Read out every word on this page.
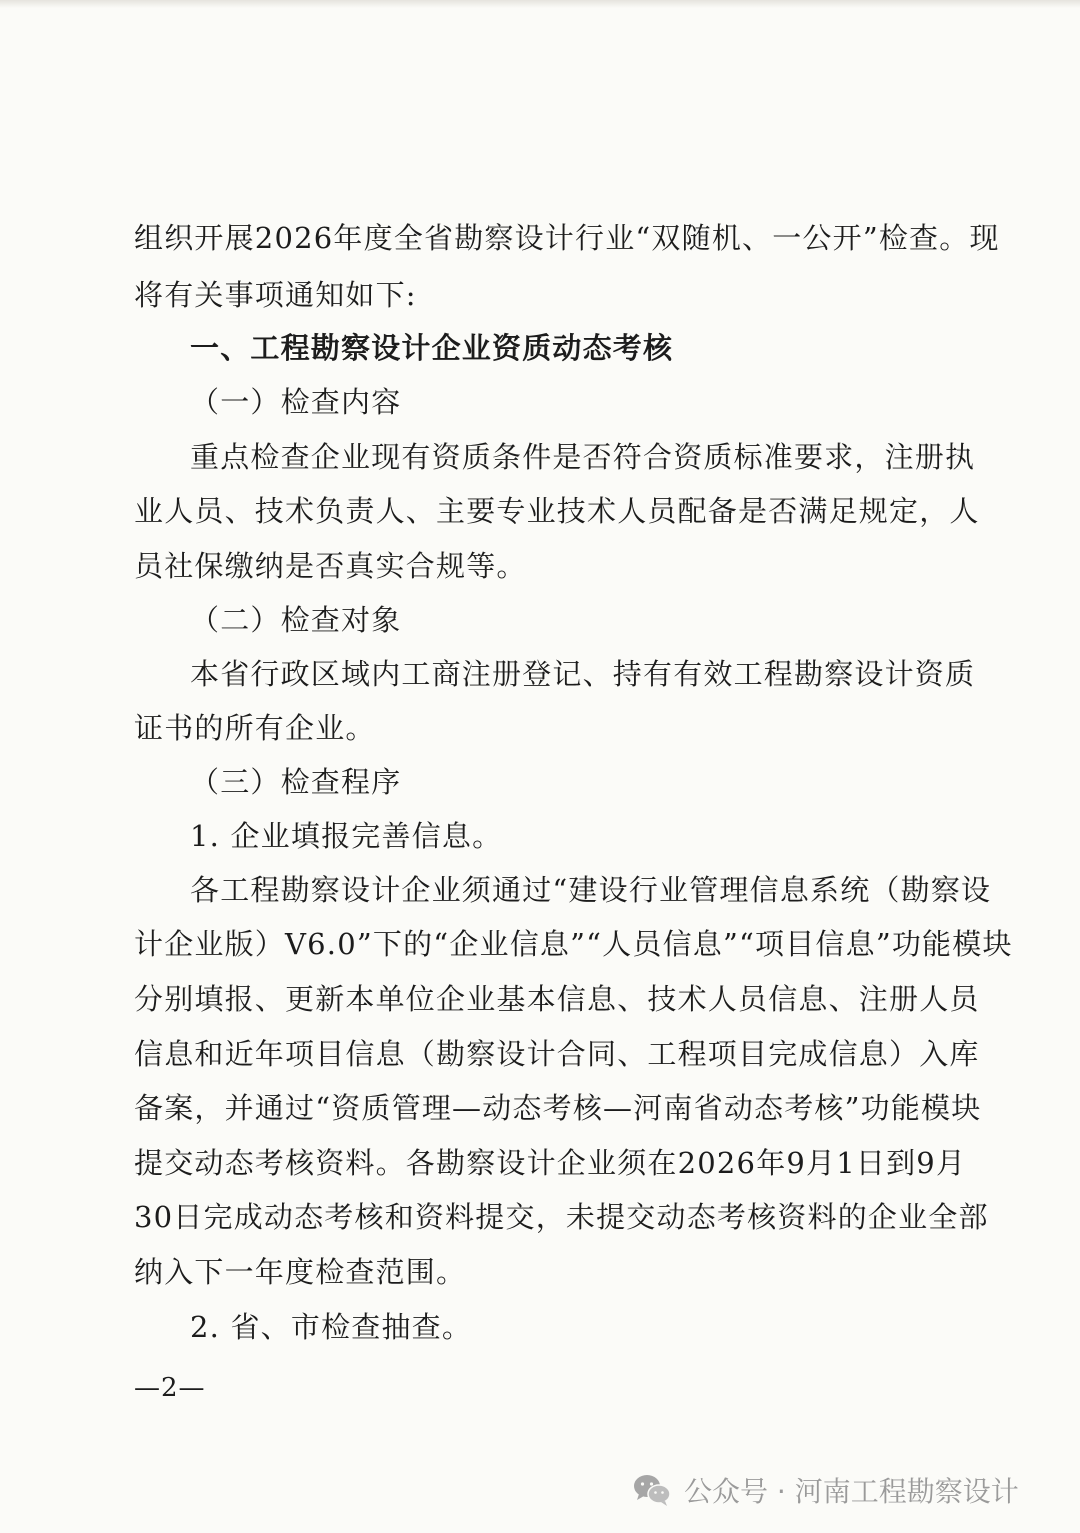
组织开展2026年度全省勘察设计行业“双随机、一公开”检查。现
将有关事项通知如下:
一、工程勘察设计企业资质动态考核
（一）检查内容
重点检查企业现有资质条件是否符合资质标准要求，注册执
业人员、技术负责人、主要专业技术人员配备是否满足规定，人
员社保缴纳是否真实合规等。
（二）检查对象
本省行政区域内工商注册登记、持有有效工程勘察设计资质
证书的所有企业。
（三）检查程序
1. 企业填报完善信息。
各工程勘察设计企业须通过“建设行业管理信息系统（勘察设
计企业版）V6.0”下的“企业信息”“人员信息”“项目信息”功能模块
分别填报、更新本单位企业基本信息、技术人员信息、注册人员
信息和近年项目信息（勘察设计合同、工程项目完成信息）入库
备案，并通过“资质管理—动态考核—河南省动态考核”功能模块
提交动态考核资料。各勘察设计企业须在2026年9月1日到9月
30日完成动态考核和资料提交，未提交动态考核资料的企业全部
纳入下一年度检查范围。
2. 省、市检查抽查。
—2—
公众号 · 河南工程勘察设计
